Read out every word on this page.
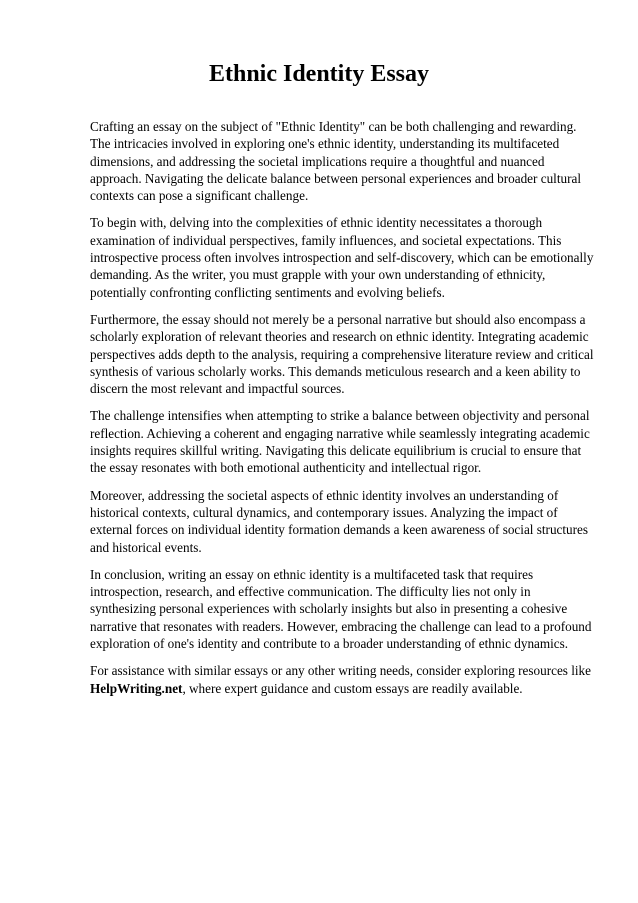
Ethnic Identity Essay

Crafting an essay on the subject of "Ethnic Identity" can be both challenging and rewarding. The intricacies involved in exploring one's ethnic identity, understanding its multifaceted dimensions, and addressing the societal implications require a thoughtful and nuanced approach. Navigating the delicate balance between personal experiences and broader cultural contexts can pose a significant challenge.

To begin with, delving into the complexities of ethnic identity necessitates a thorough examination of individual perspectives, family influences, and societal expectations. This introspective process often involves introspection and self-discovery, which can be emotionally demanding. As the writer, you must grapple with your own understanding of ethnicity, potentially confronting conflicting sentiments and evolving beliefs.

Furthermore, the essay should not merely be a personal narrative but should also encompass a scholarly exploration of relevant theories and research on ethnic identity. Integrating academic perspectives adds depth to the analysis, requiring a comprehensive literature review and critical synthesis of various scholarly works. This demands meticulous research and a keen ability to discern the most relevant and impactful sources.

The challenge intensifies when attempting to strike a balance between objectivity and personal reflection. Achieving a coherent and engaging narrative while seamlessly integrating academic insights requires skillful writing. Navigating this delicate equilibrium is crucial to ensure that the essay resonates with both emotional authenticity and intellectual rigor.

Moreover, addressing the societal aspects of ethnic identity involves an understanding of historical contexts, cultural dynamics, and contemporary issues. Analyzing the impact of external forces on individual identity formation demands a keen awareness of social structures and historical events.

In conclusion, writing an essay on ethnic identity is a multifaceted task that requires introspection, research, and effective communication. The difficulty lies not only in synthesizing personal experiences with scholarly insights but also in presenting a cohesive narrative that resonates with readers. However, embracing the challenge can lead to a profound exploration of one's identity and contribute to a broader understanding of ethnic dynamics.

For assistance with similar essays or any other writing needs, consider exploring resources like HelpWriting.net, where expert guidance and custom essays are readily available.
